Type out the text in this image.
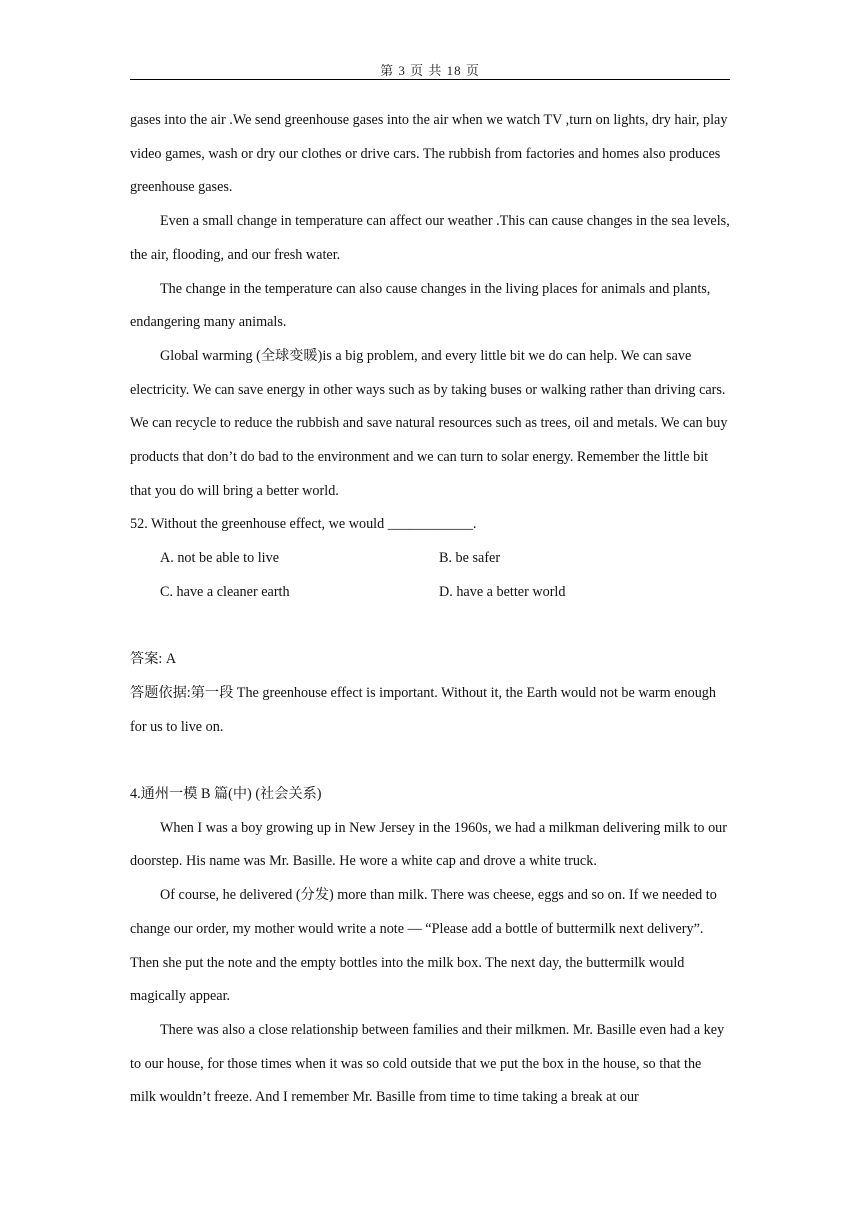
第 3 页 共 18 页

gases into the air .We send greenhouse gases into the air when we watch TV ,turn on lights, dry hair, play video games, wash or dry our clothes or drive cars. The rubbish from factories and homes also produces greenhouse gases.

Even a small change in temperature can affect our weather .This can cause changes in the sea levels, the air, flooding, and our fresh water.

The change in the temperature can also cause changes in the living places for animals and plants, endangering many animals.

Global warming (全球变暖)is a big problem, and every little bit we do can help. We can save electricity. We can save energy in other ways such as by taking buses or walking rather than driving cars. We can recycle to reduce the rubbish and save natural resources such as trees, oil and metals. We can buy products that don’t do bad to the environment and we can turn to solar energy. Remember the little bit that you do will bring a better world.

52. Without the greenhouse effect, we would ____________.

A. not be able to live	B. be safer
C. have a cleaner earth	D. have a better world

答案: A

答题依据:第一段 The greenhouse effect is important. Without it, the Earth would not be warm enough for us to live on.

4.通州一模 B 篇(中) (社会关系)

When I was a boy growing up in New Jersey in the 1960s, we had a milkman delivering milk to our doorstep. His name was Mr. Basille. He wore a white cap and drove a white truck.

Of course, he delivered (分发) more than milk. There was cheese, eggs and so on. If we needed to change our order, my mother would write a note — “Please add a bottle of buttermilk next delivery”. Then she put the note and the empty bottles into the milk box. The next day, the buttermilk would magically appear.

There was also a close relationship between families and their milkmen. Mr. Basille even had a key to our house, for those times when it was so cold outside that we put the box in the house, so that the milk wouldn’t freeze. And I remember Mr. Basille from time to time taking a break at our
